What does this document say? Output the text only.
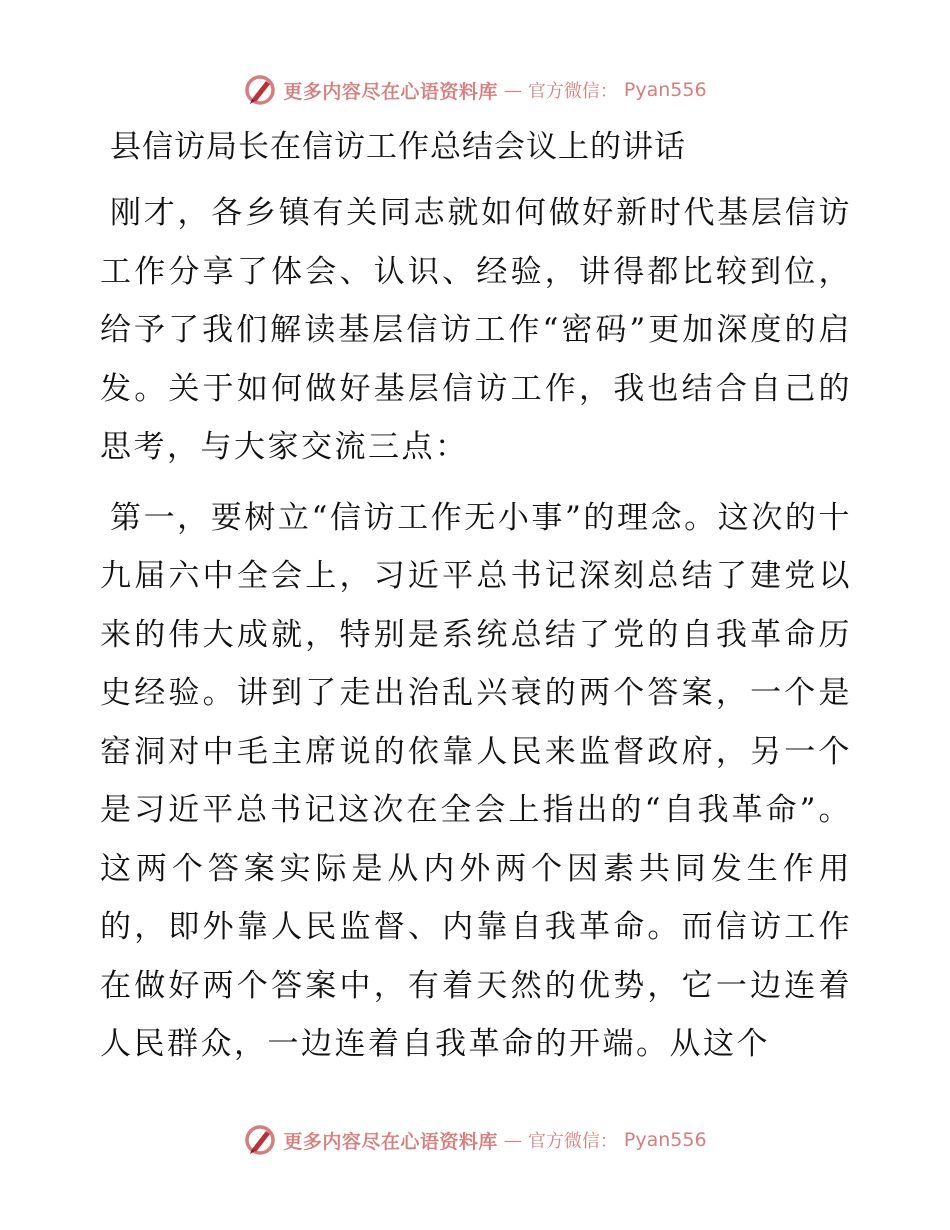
更多内容尽在心语资料库 — 官方微信： Pyan556
县信访局长在信访工作总结会议上的讲话

刚才，各乡镇有关同志就如何做好新时代基层信访工作分享了体会、认识、经验，讲得都比较到位，给予了我们解读基层信访工作“密码”更加深度的启发。关于如何做好基层信访工作，我也结合自己的思考，与大家交流三点：

第一，要树立“信访工作无小事”的理念。这次的十九届六中全会上，习近平总书记深刻总结了建党以来的伟大成就，特别是系统总结了党的自我革命历史经验。讲到了走出治乱兴衰的两个答案，一个是窑洞对中毛主席说的依靠人民来监督政府，另一个是习近平总书记这次在全会上指出的“自我革命”。这两个答案实际是从内外两个因素共同发生作用的，即外靠人民监督、内靠自我革命。而信访工作在做好两个答案中，有着天然的优势，它一边连着人民群众，一边连着自我革命的开端。从这个

更多内容尽在心语资料库 — 官方微信： Pyan556
